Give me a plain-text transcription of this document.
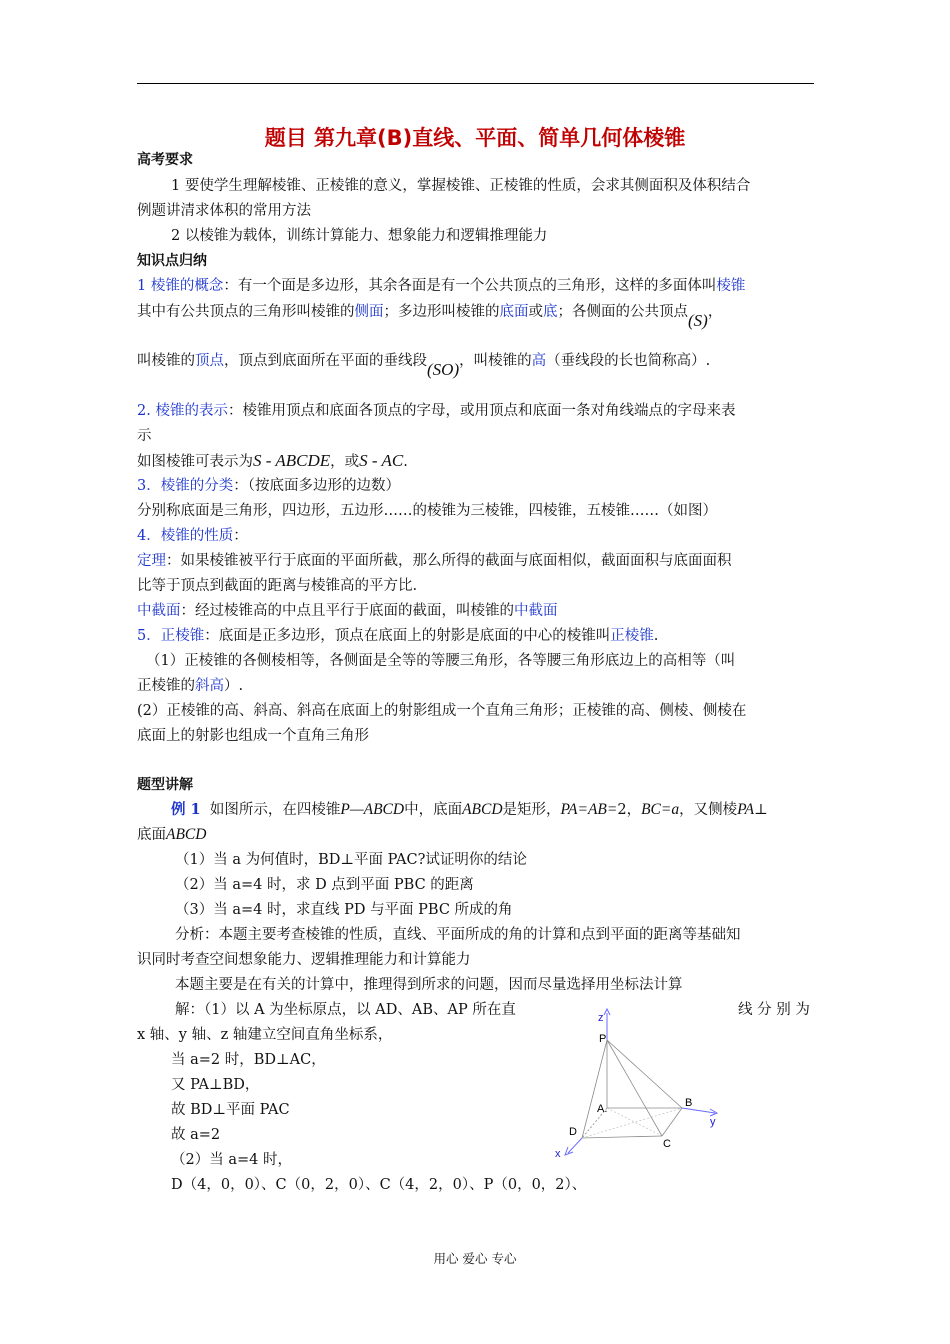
题目 第九章(B)直线、平面、简单几何体棱锥
高考要求
1 要使学生理解棱锥、正棱锥的意义，掌握棱锥、正棱锥的性质，会求其侧面积及体积结合
例题讲清求体积的常用方法
2 以棱锥为载体，训练计算能力、想象能力和逻辑推理能力
知识点归纳
1 棱锥的概念：有一个面是多边形，其余各面是有一个公共顶点的三角形，这样的多面体叫棱锥
其中有公共顶点的三角形叫棱锥的侧面；多边形叫棱锥的底面或底；各侧面的公共顶点(S)，
叫棱锥的顶点，顶点到底面所在平面的垂线段(SO)，叫棱锥的高（垂线段的长也简称高）.
2. 棱锥的表示：棱锥用顶点和底面各顶点的字母，或用顶点和底面一条对角线端点的字母来表
示
如图棱锥可表示为S - ABCDE，或S - AC.
3．棱锥的分类：（按底面多边形的边数）
分别称底面是三角形，四边形，五边形……的棱锥为三棱锥，四棱锥，五棱锥……（如图）
4．棱锥的性质：
定理：如果棱锥被平行于底面的平面所截，那么所得的截面与底面相似，截面面积与底面面积
比等于顶点到截面的距离与棱锥高的平方比.
中截面：经过棱锥高的中点且平行于底面的截面，叫棱锥的中截面
5．正棱锥：底面是正多边形，顶点在底面上的射影是底面的中心的棱锥叫正棱锥.
（1）正棱锥的各侧棱相等，各侧面是全等的等腰三角形，各等腰三角形底边上的高相等（叫
正棱锥的斜高）.
(2）正棱锥的高、斜高、斜高在底面上的射影组成一个直角三角形；正棱锥的高、侧棱、侧棱在
底面上的射影也组成一个直角三角形
题型讲解
例 1 如图所示，在四棱锥P—ABCD中，底面ABCD是矩形，PA=AB=2，BC=a，又侧棱PA⊥
底面ABCD
（1）当 a 为何值时，BD⊥平面 PAC?试证明你的结论
（2）当 a=4 时，求 D 点到平面 PBC 的距离
（3）当 a=4 时，求直线 PD 与平面 PBC 所成的角
分析：本题主要考查棱锥的性质，直线、平面所成的角的计算和点到平面的距离等基础知
识同时考查空间想象能力、逻辑推理能力和计算能力
本题主要是在有关的计算中，推理得到所求的问题，因而尽量选择用坐标法计算
解：（1）以 A 为坐标原点，以 AD、AB、AP 所在直	线 分 别 为
x 轴、y 轴、z 轴建立空间直角坐标系，
当 a=2 时，BD⊥AC，
又 PA⊥BD，
故 BD⊥平面 PAC
故 a=2
（2）当 a=4 时，
D（4，0，0）、C（0，2，0）、C（4，2，0）、P（0，0，2）、
z
P
A.	B
y
D
C
x
用心 爱心 专心
